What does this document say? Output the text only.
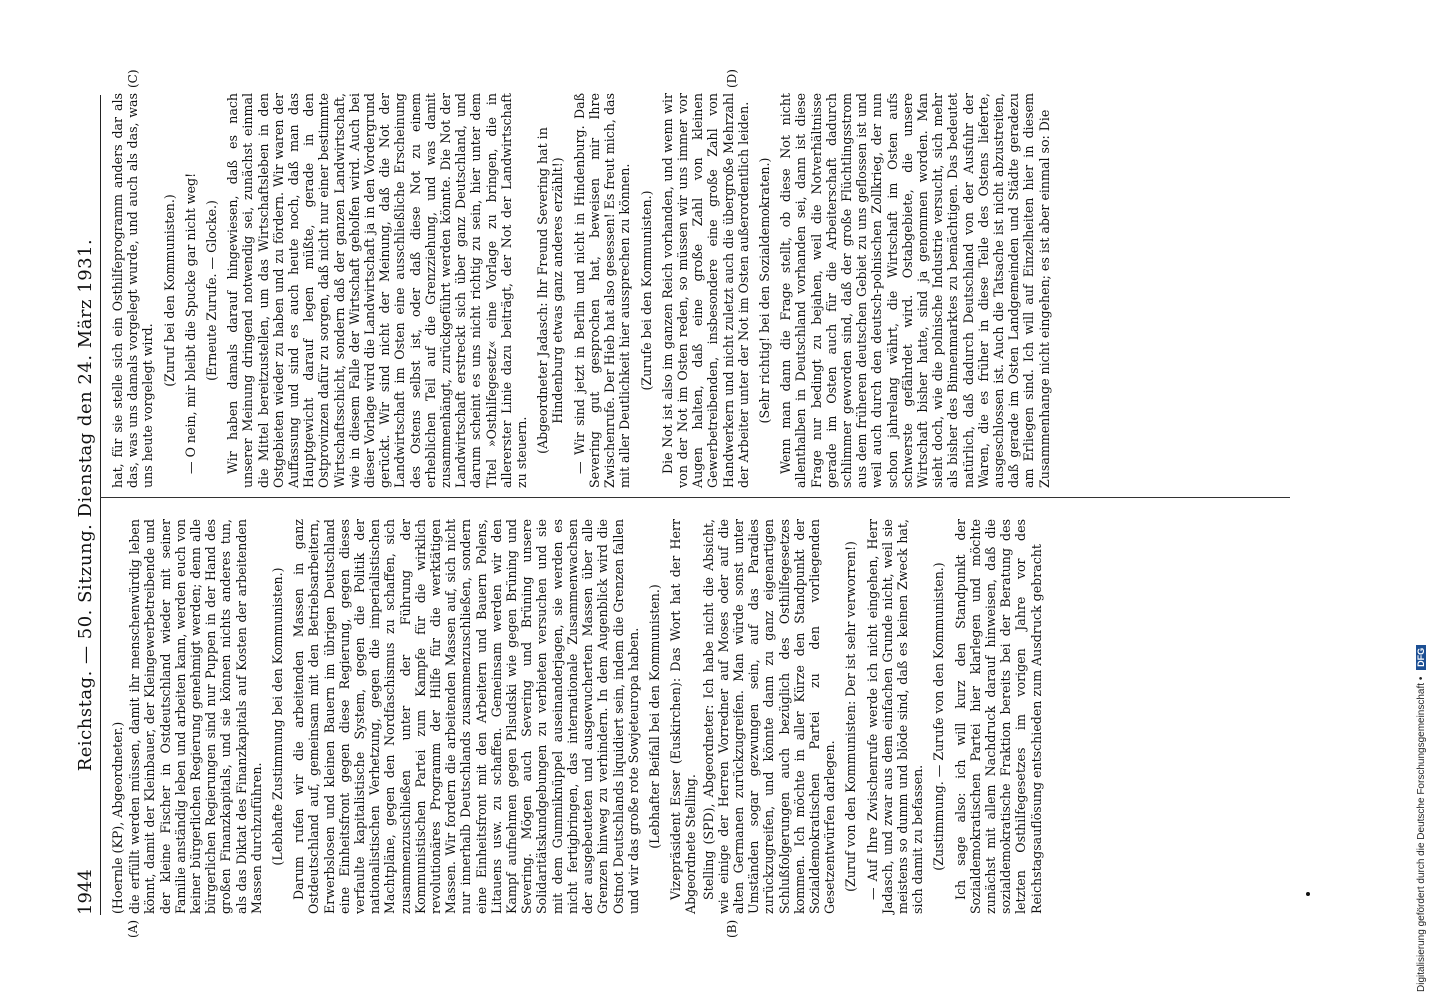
1944
Reichstag. — 50. Sitzung. Dienstag den 24. März 1931.
(A)	(B)
(C)	(D)

(Hoernle (KP), Abgeordneter.) die erfüllt werden müssen, damit ihr menschenwürdig leben könnt, damit der Kleinbauer, der Kleingewerbetreibende und der kleine Fischer in Ostdeutschland wieder mit seiner Familie anständig leben und arbeiten kann, werden euch von keiner bürgerlichen Regierung genehmigt werden; denn alle bürgerlichen Regierungen sind nur Puppen in der Hand des großen Finanzkapitals, und sie können nichts anderes tun, als das Diktat des Finanzkapitals auf Kosten der arbeitenden Massen durchzuführen. (Lebhafte Zustimmung bei den Kommunisten.) Darum rufen wir die arbeitenden Massen in ganz Ostdeutschland auf, gemeinsam mit den Betriebsarbeitern, Erwerbslosen und kleinen Bauern im übrigen Deutschland eine Einheitsfront gegen diese Regierung, gegen dieses verfaulte kapitalistische System, gegen die Politik der nationalistischen Verhetzung, gegen die imperialistischen Machtpläne, gegen den Nordfaschismus zu schaffen, sich zusammenzuschließen unter der Führung der Kommunistischen Partei zum Kampfe für die wirklich revolutionäres Programm der Hilfe für die werktätigen Massen. Wir fordern die arbeitenden Massen auf, sich nicht nur innerhalb Deutschlands zusammenzuschließen, sondern eine Einheitsfront mit den Arbeitern und Bauern Polens, Litauens usw. zu schaffen. Gemeinsam werden wir den Kampf aufnehmen gegen Pilsudski wie gegen Brüning und Severing. Mögen auch Severing und Brüning unsere Solidaritätskundgebungen zu verbieten versuchen und sie mit dem Gummiknüppel auseinanderjagen, sie werden es nicht fertigbringen, das internationale Zusammenwachsen der ausgebeuteten und ausgewucherten Massen über alle Grenzen hinweg zu verhindern. In dem Augenblick wird die Ostnot Deutschlands liquidiert sein, indem die Grenzen fallen und wir das große rote Sowjeteuropa haben. (Lebhafter Beifall bei den Kommunisten.) Vizepräsident Esser (Euskirchen): Das Wort hat der Herr Abgeordnete Stelling. Stelling (SPD), Abgeordneter: Ich habe nicht die Absicht, wie einige der Herren Vorredner auf Moses oder auf die alten Germanen zurückzugreifen. Man würde sonst unter Umständen sogar gezwungen sein, auf das Paradies zurückzugreifen, und könnte dann zu ganz eigenartigen Schlußfolgerungen auch bezüglich des Osthilfegesetzes kommen. Ich möchte in aller Kürze den Standpunkt der Sozialdemokratischen Partei zu den vorliegenden Gesetzentwürfen darlegen. (Zuruf von den Kommunisten: Der ist sehr verworren!) — Auf Ihre Zwischenrufe werde ich nicht eingehen, Herr Jadasch, und zwar aus dem einfachen Grunde nicht, weil sie meistens so dumm und blöde sind, daß es keinen Zweck hat, sich damit zu befassen. (Zustimmung. — Zurufe von den Kommunisten.) Ich sage also: ich will kurz den Standpunkt der Sozialdemokratischen Partei hier klarlegen und möchte zunächst mit allem Nachdruck darauf hinweisen, daß die sozialdemokratische Fraktion bereits bei der Beratung des letzten Osthilfegesetzes im vorigen Jahre vor des Reichstagsauflösung entschieden zum Ausdruck gebracht

hat, für sie stelle sich ein Osthilfeprogramm anders dar als das, was uns damals vorgelegt wurde, und auch als das, was uns heute vorgelegt wird.

(Zuruf bei den Kommunisten.) — O nein, mir bleibt die Spucke gar nicht weg! (Erneute Zurufe. — Glocke.) Wir haben damals darauf hingewiesen, daß es nach unserer Meinung dringend notwendig sei, zunächst einmal die Mittel bereitzustellen, um das Wirtschaftsleben in den Ostgebieten wieder zu haben und zu fördern. Wir waren der Auffassung und sind es auch heute noch, daß man das Hauptgewicht darauf legen müßte, gerade in den Ostprovinzen dafür zu sorgen, daß nicht nur einer bestimmte Wirtschaftsschicht, sondern daß der ganzen Landwirtschaft, wie in diesem Falle der Wirtschaft geholfen wird. Auch bei dieser Vorlage wird die Landwirtschaft ja in den Vordergrund gerückt. Wir sind nicht der Meinung, daß die Not der Landwirtschaft im Osten eine ausschließliche Erscheinung des Ostens selbst ist, oder daß diese Not zu einem erheblichen Teil auf die Grenzziehung, und was damit zusammenhängt, zurückgeführt werden könnte. Die Not der Landwirtschaft erstreckt sich über ganz Deutschland, und darum scheint es uns nicht richtig zu sein, hier unter dem Titel »Osthilfegesetz« eine Vorlage zu bringen, die in allererster Linie dazu beiträgt, der Not der Landwirtschaft zu steuern. (Abgeordneter Jadasch: Ihr Freund Severing hat in Hindenburg etwas ganz anderes erzählt!) — Wir sind jetzt in Berlin und nicht in Hindenburg. Daß Severing gut gesprochen hat, beweisen mir Ihre Zwischenrufe. Der Hieb hat also gesessen! Es freut mich, das mit aller Deutlichkeit hier aussprechen zu können. (Zurufe bei den Kommunisten.) Die Not ist also im ganzen Reich vorhanden, und wenn wir von der Not im Osten reden, so müssen wir uns immer vor Augen halten, daß eine große Zahl von kleinen Gewerbetreibenden, insbesondere eine große Zahl von Handwerkern und nicht zuletzt auch die übergroße Mehrzahl der Arbeiter unter der Not im Osten außerordentlich leiden. (Sehr richtig! bei den Sozialdemokraten.) Wenn man dann die Frage stellt, ob diese Not nicht allenthalben in Deutschland vorhanden sei, dann ist diese Frage nur bedingt zu bejahen, weil die Notverhältnisse gerade im Osten auch für die Arbeiterschaft dadurch schlimmer geworden sind, daß der große Flüchtlingsstrom aus dem früheren deutschen Gebiet zu uns geflossen ist und weil auch durch den deutsch-polnischen Zollkrieg, der nun schon jahrelang währt, die Wirtschaft im Osten aufs schwerste gefährdet wird. Ostabgebiete, die unsere Wirtschaft bisher hatte, sind ja genommen worden. Man sieht doch, wie die polnische Industrie versucht, sich mehr als bisher des Binnenmarktes zu bemächtigen. Das bedeutet natürlich, daß dadurch Deutschland von der Ausfuhr der Waren, die es früher in diese Teile des Ostens lieferte, ausgeschlossen ist. Auch die Tatsache ist nicht abzustreiten, daß gerade im Osten Landgemeinden und Städte geradezu am Erliegen sind. Ich will auf Einzelheiten hier in diesem Zusammenhange nicht eingehen; es ist aber einmal so: Die

Digitalisierung gefördert durch die Deutsche Forschungsgemeinschaft • DFG
